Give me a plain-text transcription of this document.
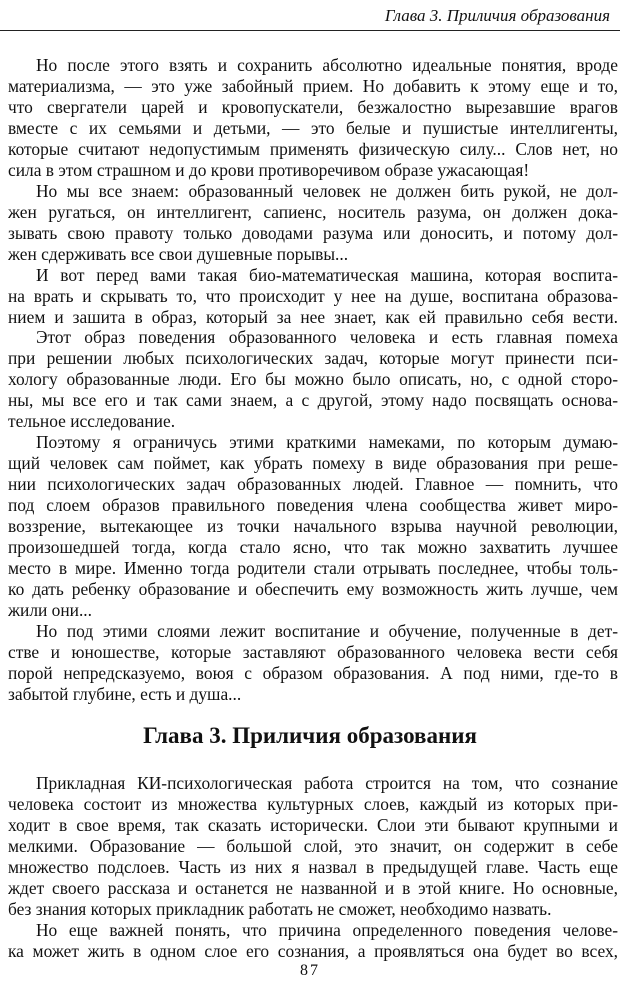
Глава 3. Приличия образования
Но после этого взять и сохранить абсолютно идеальные понятия, вроде
материализма, — это уже забойный прием. Но добавить к этому еще и то,
что свергатели царей и кровопускатели, безжалостно вырезавшие врагов
вместе с их семьями и детьми, — это белые и пушистые интеллигенты,
которые считают недопустимым применять физическую силу... Слов нет, но
сила в этом страшном и до крови противоречивом образе ужасающая!
Но мы все знаем: образованный человек не должен бить рукой, не дол-
жен ругаться, он интеллигент, сапиенс, носитель разума, он должен дока-
зывать свою правоту только доводами разума или доносить, и потому дол-
жен сдерживать все свои душевные порывы...
И вот перед вами такая био-математическая машина, которая воспита-
на врать и скрывать то, что происходит у нее на душе, воспитана образова-
нием и зашита в образ, который за нее знает, как ей правильно себя вести.
Этот образ поведения образованного человека и есть главная помеха
при решении любых психологических задач, которые могут принести пси-
хологу образованные люди. Его бы можно было описать, но, с одной сторо-
ны, мы все его и так сами знаем, а с другой, этому надо посвящать основа-
тельное исследование.
Поэтому я ограничусь этими краткими намеками, по которым думаю-
щий человек сам поймет, как убрать помеху в виде образования при реше-
нии психологических задач образованных людей. Главное — помнить, что
под слоем образов правильного поведения члена сообщества живет миро-
воззрение, вытекающее из точки начального взрыва научной революции,
произошедшей тогда, когда стало ясно, что так можно захватить лучшее
место в мире. Именно тогда родители стали отрывать последнее, чтобы толь-
ко дать ребенку образование и обеспечить ему возможность жить лучше, чем
жили они...
Но под этими слоями лежит воспитание и обучение, полученные в дет-
стве и юношестве, которые заставляют образованного человека вести себя
порой непредсказуемо, воюя с образом образования. А под ними, где-то в
забытой глубине, есть и душа...
Глава 3. Приличия образования
Прикладная КИ-психологическая работа строится на том, что сознание
человека состоит из множества культурных слоев, каждый из которых при-
ходит в свое время, так сказать исторически. Слои эти бывают крупными и
мелкими. Образование — большой слой, это значит, он содержит в себе
множество подслоев. Часть из них я назвал в предыдущей главе. Часть еще
ждет своего рассказа и останется не названной и в этой книге. Но основные,
без знания которых прикладник работать не сможет, необходимо назвать.
Но еще важней понять, что причина определенного поведения челове-
ка может жить в одном слое его сознания, а проявляться она будет во всех,
87
